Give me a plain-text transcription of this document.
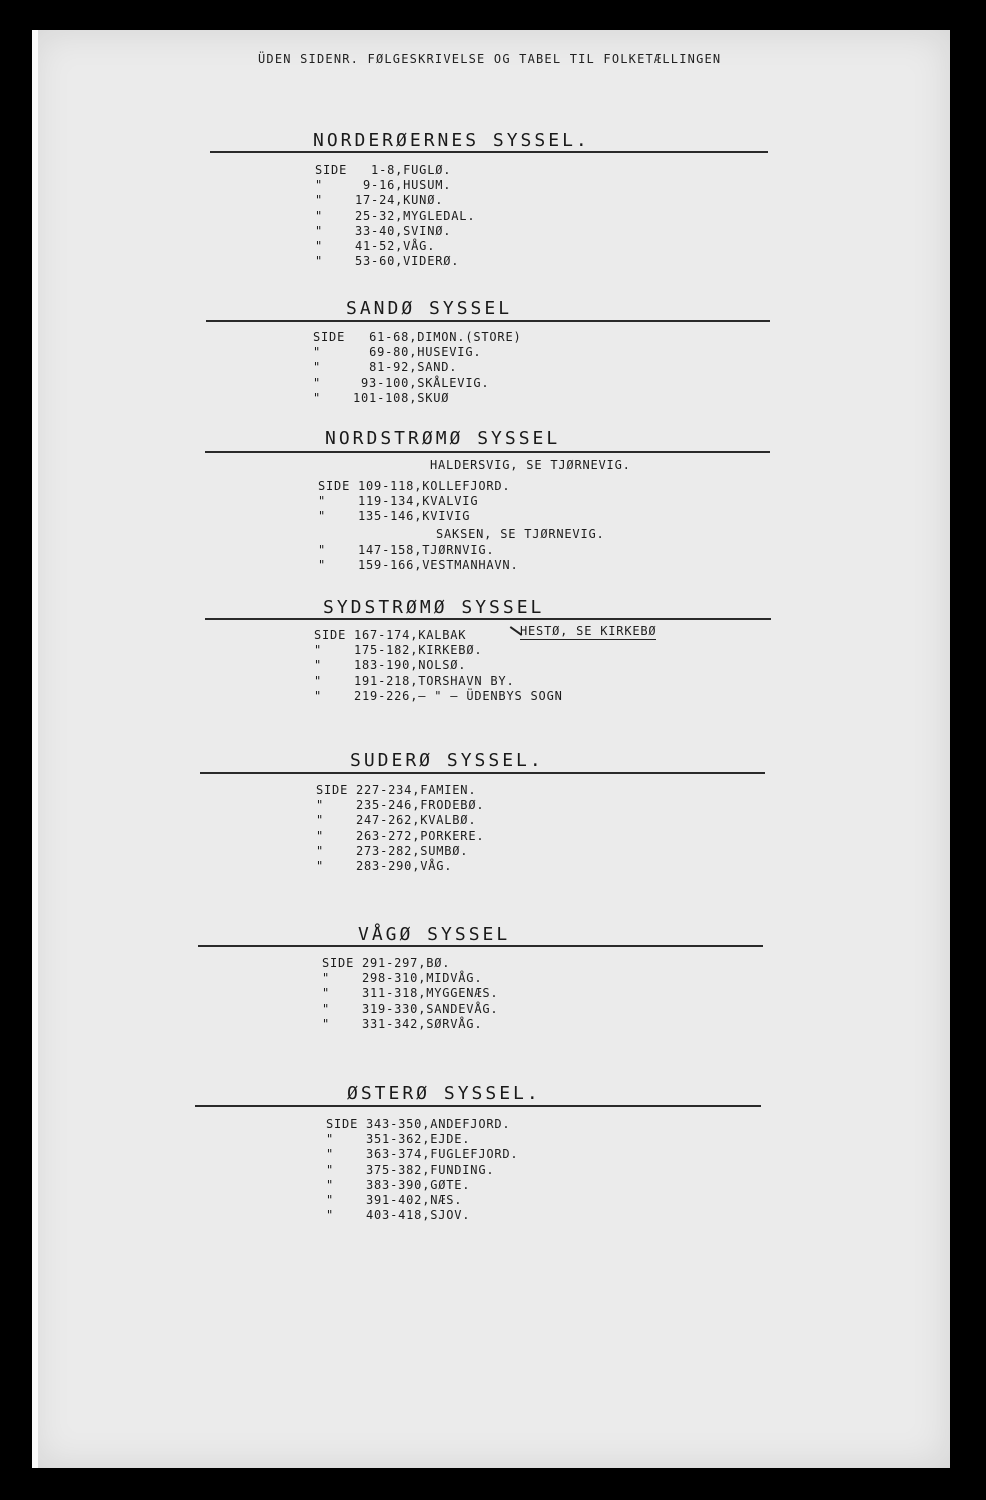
ÜDEN SIDENR. FØLGESKRIVELSE OG TABEL TIL FOLKETÆLLINGEN
NORDERØERNES SYSSEL.
SIDE	1-8 , FUGLØ.
"	9-16 , HUSUM.
"	17-24 , KUNØ.
"	25-32 , MYGLEDAL.
"	33-40 , SVINØ.
"	41-52 , VÅG.
"	53-60 , VIDERØ.
SANDØ SYSSEL
SIDE	61-68 , DIMON.(STORE)
"	69-80 , HUSEVIG.
"	81-92 , SAND.
"	93-100 , SKÅLEVIG.
"	101-108 , SKUØ
NORDSTRØMØ SYSSEL
HALDERSVIG, SE TJØRNEVIG.
SIDE 109-118 , KOLLEFJORD.
"	119-134 , KVALVIG
"	135-146 , KVIVIG
SAKSEN, SE TJØRNEVIG.
"	147-158 , TJØRNVIG.
"	159-166 , VESTMANHAVN.
SYDSTRØMØ SYSSEL
SIDE 167-174 , KALBAK
"	175-182 , KIRKEBØ.
"	183-190 , NOLSØ.
"	191-218 , TORSHAVN BY.
"	219-226 , — " — ÜDENBYS SOGN
HESTØ, SE KIRKEBØ
SUDERØ SYSSEL.
SIDE 227-234 , FAMIEN.
"	235-246 , FRODEBØ.
"	247-262 , KVALBØ.
"	263-272 , PORKERE.
"	273-282 , SUMBØ.
"	283-290 , VÅG.
VÅGØ SYSSEL
SIDE 291-297 , BØ.
"	298-310 , MIDVÅG.
"	311-318 , MYGGENÆS.
"	319-330 , SANDEVÅG.
"	331-342 , SØRVÅG.
ØSTERØ SYSSEL.
SIDE 343-350 , ANDEFJORD.
"	351-362 , EJDE.
"	363-374 , FUGLEFJORD.
"	375-382 , FUNDING.
"	383-390 , GØTE.
"	391-402 , NÆS.
"	403-418 , SJOV.
